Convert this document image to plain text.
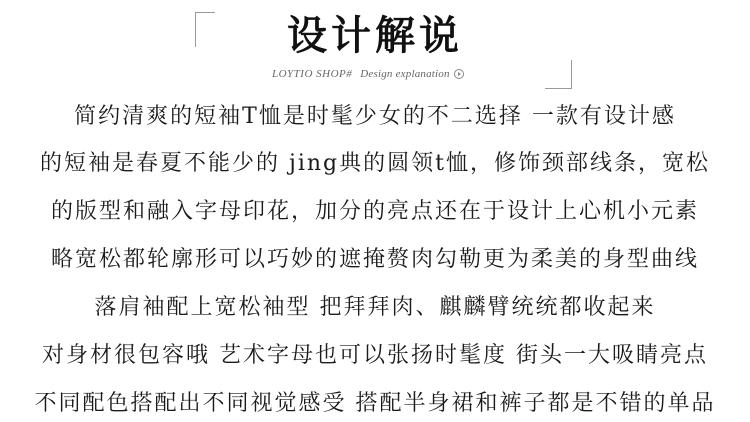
设计解说
LOYTIO SHOP# Design explanation
简约清爽的短袖T恤是时髦少女的不二选择 一款有设计感
的短袖是春夏不能少的 jing典的圆领t恤，修饰颈部线条，宽松
的版型和融入字母印花，加分的亮点还在于设计上心机小元素
略宽松都轮廓形可以巧妙的遮掩赘肉勾勒更为柔美的身型曲线
落肩袖配上宽松袖型 把拜拜肉、麒麟臂统统都收起来
对身材很包容哦 艺术字母也可以张扬时髦度 街头一大吸睛亮点
不同配色搭配出不同视觉感受 搭配半身裙和裤子都是不错的单品
